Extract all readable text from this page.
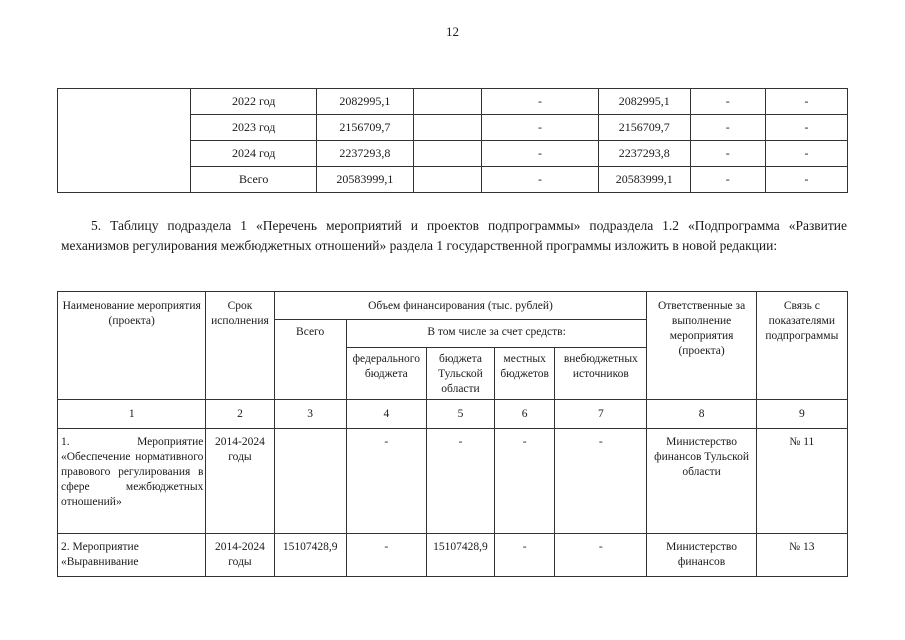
12
	2022 год	2082995,1		-	2082995,1	-	-
	2023 год	2156709,7		-	2156709,7	-	-
	2024 год	2237293,8		-	2237293,8	-	-
	Всего	20583999,1		-	20583999,1	-	-

5. Таблицу подраздела 1 «Перечень мероприятий и проектов подпрограммы» подраздела 1.2 «Подпрограмма «Развитие механизмов регулирования межбюджетных отношений» раздела 1 государственной программы изложить в новой редакции:

Наименование мероприятия (проекта)	Срок исполнения	Объем финансирования (тыс. рублей)					Ответственные за выполнение мероприятия (проекта)	Связь с показателями подпрограммы
		Всего	В том числе за счет средств:					
			федерального бюджета	бюджета Тульской области	местных бюджетов	внебюджетных источников		
1	2	3	4	5	6	7	8	9
1. Мероприятие «Обеспечение нормативного правового регулирования в сфере межбюджетных отношений»	2014-2024 годы		-	-	-	-	Министерство финансов Тульской области	№ 11
2. Мероприятие «Выравнивание	2014-2024 годы	15107428,9	-	15107428,9	-	-	Министерство финансов	№ 13
